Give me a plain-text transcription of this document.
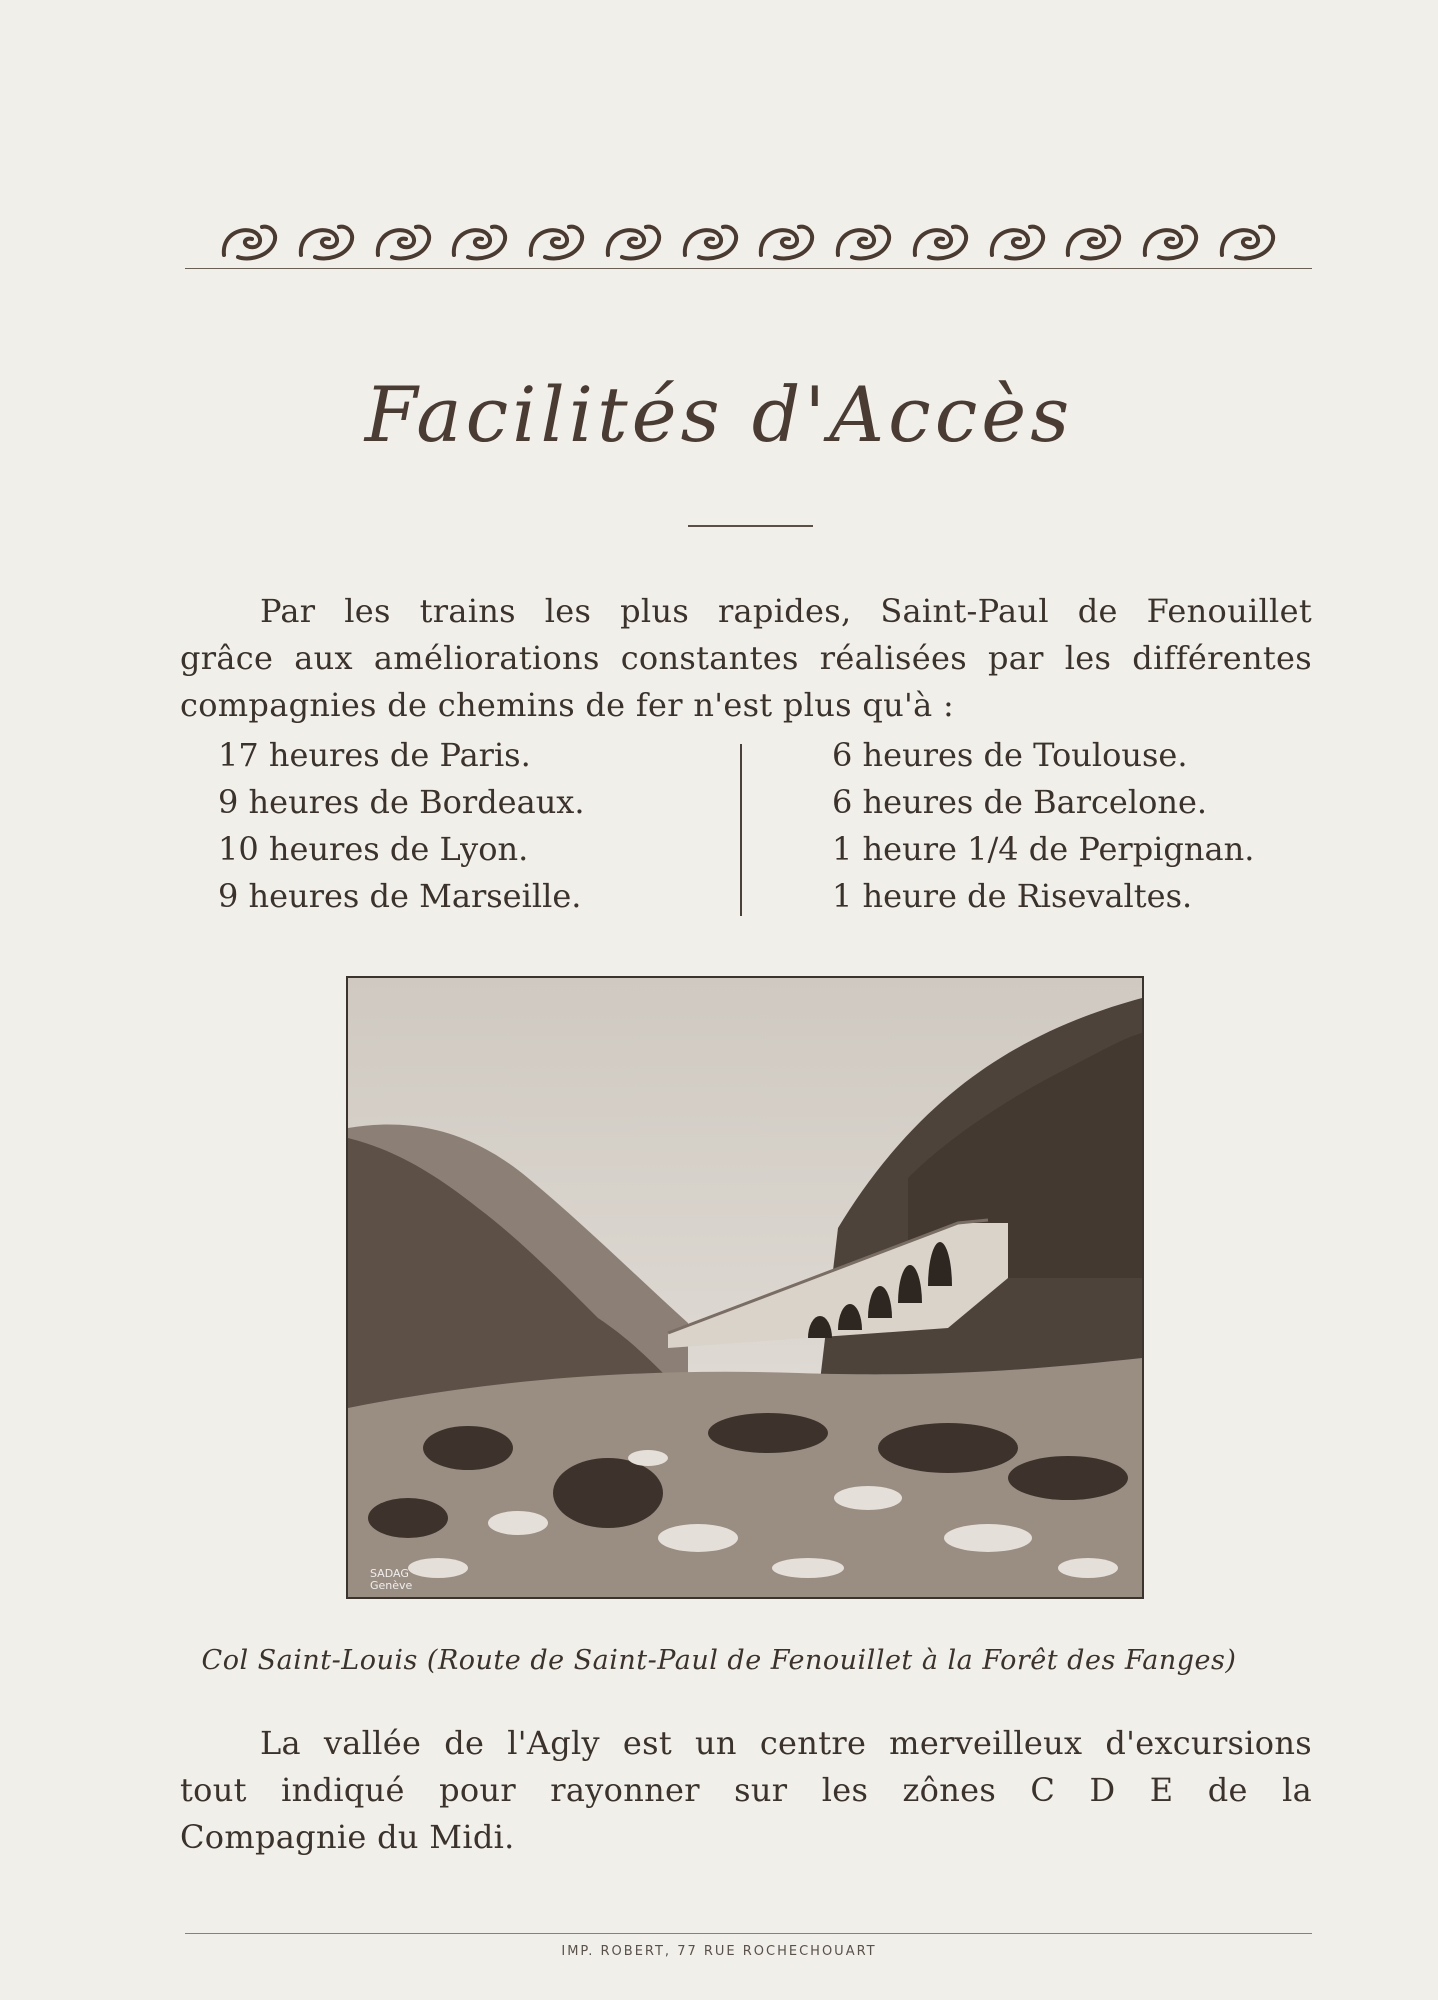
Facilités d'Accès
Par les trains les plus rapides, Saint-Paul de Fenouillet
grâce aux améliorations constantes réalisées par les différentes
compagnies de chemins de fer n'est plus qu'à :
17 heures de Paris.
9 heures de Bordeaux.
10 heures de Lyon.
9 heures de Marseille.
6 heures de Toulouse.
6 heures de Barcelone.
1 heure 1/4 de Perpignan.
1 heure de Risevaltes.
SADAG
Genève
Col Saint-Louis (Route de Saint-Paul de Fenouillet à la Forêt des Fanges)
La vallée de l'Agly est un centre merveilleux d'excursions
tout indiqué pour rayonner sur les zônes C D E de la
Compagnie du Midi.
IMP. ROBERT, 77 RUE ROCHECHOUART
